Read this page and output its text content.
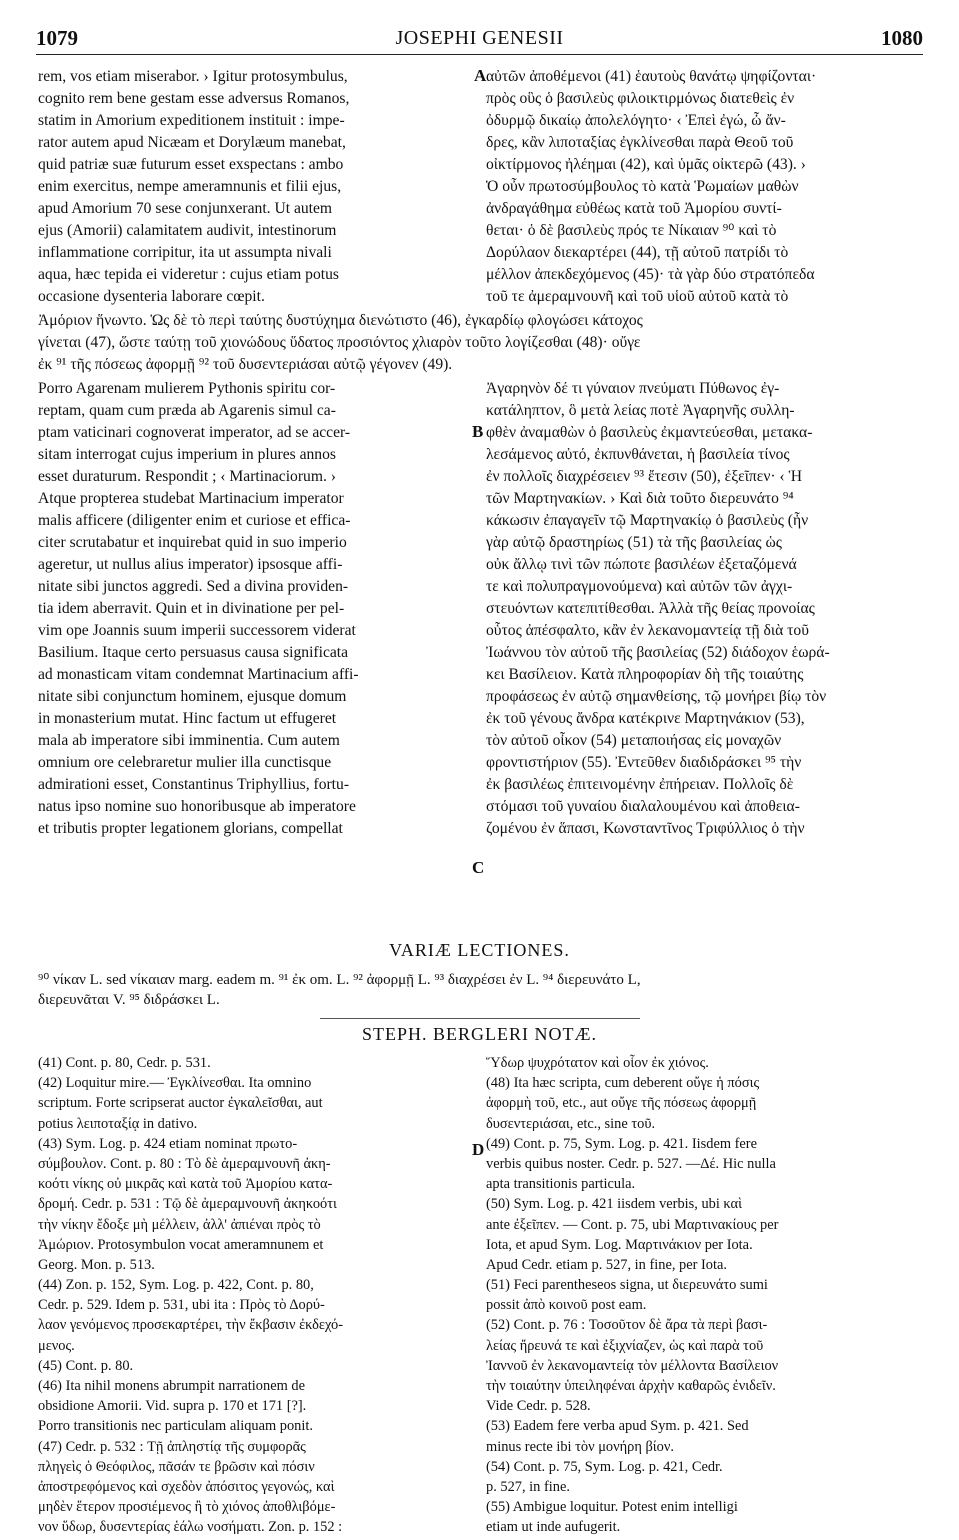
1079	JOSEPHI GENESII	1080
A
B
C
D
rem, vos etiam miserabor. › Igitur protosymbulus,
cognito rem bene gestam esse adversus Romanos,
statim in Amorium expeditionem instituit : impe-
rator autem apud Nicæam et Dorylæum manebat,
quid patriæ suæ futurum esset exspectans : ambo
enim exercitus, nempe ameramnunis et filii ejus,
apud Amorium 70 sese conjunxerant. Ut autem
ejus (Amorii) calamitatem audivit, intestinorum
inflammatione corripitur, ita ut assumpta nivali
aqua, hæc tepida ei videretur : cujus etiam potus
occasione dysenteria laborare cœpit.
αὐτῶν ἀποθέμενοι (41) ἑαυτοὺς θανάτῳ ψηφίζονται·
πρὸς οὓς ὁ βασιλεὺς φιλοικτιρμόνως διατεθεὶς ἐν
ὀδυρμῷ δικαίῳ ἀπολελόγητο· ‹ Ἐπεὶ ἐγώ, ὦ ἄν-
δρες, κἂν λιποταξίας ἐγκλίνεσθαι παρὰ Θεοῦ τοῦ
οἰκτίρμονος ἠλέημαι (42), καὶ ὑμᾶς οἰκτερῶ (43). ›
Ὁ οὖν πρωτοσύμβουλος τὸ κατὰ Ῥωμαίων μαθὼν
ἀνδραγάθημα εὐθέως κατὰ τοῦ Ἀμορίου συντί-
θεται· ὁ δὲ βασιλεὺς πρός τε Νίκαιαν ⁹⁰ καὶ τὸ
Δορύλαον διεκαρτέρει (44), τῇ αὐτοῦ πατρίδι τὸ
μέλλον ἀπεκδεχόμενος (45)· τὰ γὰρ δύο στρατόπεδα
τοῦ τε ἀμεραμνουνῆ καὶ τοῦ υἱοῦ αὐτοῦ κατὰ τὸ
Ἀμόριον ἥνωντο. Ὡς δὲ τὸ περὶ ταύτης δυστύχημα διενώτιστο (46), ἐγκαρδίῳ φλογώσει κάτοχος
γίνεται (47), ὥστε ταύτῃ τοῦ χιονώδους ὕδατος προσιόντος χλιαρὸν τοῦτο λογίζεσθαι (48)· οὔγε
ἐκ ⁹¹ τῆς πόσεως ἀφορμῇ ⁹² τοῦ δυσεντεριάσαι αὐτῷ γέγονεν (49).
Porro Agarenam mulierem Pythonis spiritu cor-
reptam, quam cum præda ab Agarenis simul ca-
ptam vaticinari cognoverat imperator, ad se accer-
sitam interrogat cujus imperium in plures annos
esset duraturum. Respondit ; ‹ Martinaciorum. ›
Atque propterea studebat Martinacium imperator
malis afficere (diligenter enim et curiose et effica-
citer scrutabatur et inquirebat quid in suo imperio
ageretur, ut nullus alius imperator) ipsosque affi-
nitate sibi junctos aggredi. Sed a divina providen-
tia idem aberravit. Quin et in divinatione per pel-
vim ope Joannis suum imperii successorem viderat
Basilium. Itaque certo persuasus causa significata
ad monasticam vitam condemnat Martinacium affi-
nitate sibi conjunctum hominem, ejusque domum
in monasterium mutat. Hinc factum ut effugeret
mala ab imperatore sibi imminentia. Cum autem
omnium ore celebraretur mulier illa cunctisque
admirationi esset, Constantinus Triphyllius, fortu-
natus ipso nomine suo honoribusque ab imperatore
et tributis propter legationem glorians, compellat
Ἀγαρηνὸν δέ τι γύναιον πνεύματι Πύθωνος ἐγ-
κατάληπτον, ὃ μετὰ λείας ποτὲ Ἀγαρηνῆς συλλη-
φθὲν ἀναμαθὼν ὁ βασιλεὺς ἐκμαντεύεσθαι, μετακα-
λεσάμενος αὐτό, ἐκπυνθάνεται, ἡ βασιλεία τίνος
ἐν πολλοῖς διαχρέσειεν ⁹³ ἔτεσιν (50), ἐξεῖπεν· ‹ Ἡ
τῶν Μαρτηνακίων. › Καὶ διὰ τοῦτο διερευνάτο ⁹⁴
κάκωσιν ἐπαγαγεῖν τῷ Μαρτηνακίῳ ὁ βασιλεὺς (ἦν
γὰρ αὐτῷ δραστηρίως (51) τὰ τῆς βασιλείας ὡς
οὐκ ἄλλῳ τινὶ τῶν πώποτε βασιλέων ἐξεταζόμενά
τε καὶ πολυπραγμονούμενα) καὶ αὐτῶν τῶν ἀγχι-
στευόντων κατεπιτίθεσθαι. Ἀλλὰ τῆς θείας προνοίας
οὗτος ἀπέσφαλτο, κἂν ἐν λεκανομαντείᾳ τῇ διὰ τοῦ
Ἰωάννου τὸν αὐτοῦ τῆς βασιλείας (52) διάδοχον ἑωρά-
κει Βασίλειον. Κατὰ πληροφορίαν δὴ τῆς τοιαύτης
προφάσεως ἐν αὐτῷ σημανθείσης, τῷ μονήρει βίῳ τὸν
ἐκ τοῦ γένους ἄνδρα κατέκρινε Μαρτηνάκιον (53),
τὸν αὐτοῦ οἶκον (54) μεταποιήσας εἰς μοναχῶν
φροντιστήριον (55). Ἐντεῦθεν διαδιδράσκει ⁹⁵ τὴν
ἐκ βασιλέως ἐπιτεινομένην ἐπήρειαν. Πολλοῖς δὲ
στόμασι τοῦ γυναίου διαλαλουμένου καὶ ἀποθεια-
ζομένου ἐν ἅπασι, Κωνσταντῖνος Τριφύλλιος ὁ τὴν
VARIÆ LECTIONES.
⁹⁰ νίκαν L. sed νίκαιαν marg. eadem m. ⁹¹ ἐκ om. L. ⁹² ἀφορμῇ L. ⁹³ διαχρέσει ἐν L. ⁹⁴ διερευνάτο L,
διερευνᾶται V. ⁹⁵ διδράσκει L.
STEPH. BERGLERI NOTÆ.
(41) Cont. p. 80, Cedr. p. 531.
(42) Loquitur mire.— Ἐγκλίνεσθαι. Ita omnino
scriptum. Forte scripserat auctor ἐγκαλεῖσθαι, aut
potius λειποταξίᾳ in dativo.
(43) Sym. Log. p. 424 etiam nominat πρωτο-
σύμβουλον. Cont. p. 80 : Τὸ δὲ ἀμεραμνουνῆ ἀκη-
κοότι νίκης οὐ μικρᾶς καὶ κατὰ τοῦ Ἀμορίου κατα-
δρομή. Cedr. p. 531 : Τῷ δὲ ἀμεραμνουνῆ ἀκηκοότι
τὴν νίκην ἔδοξε μὴ μέλλειν, ἀλλ' ἀπιέναι πρὸς τὸ
Ἀμώριον. Protosymbulon vocat ameramnunem et
Georg. Mon. p. 513.
(44) Zon. p. 152, Sym. Log. p. 422, Cont. p. 80,
Cedr. p. 529. Idem p. 531, ubi ita : Πρὸς τὸ Δορύ-
λαον γενόμενος προσεκαρτέρει, τὴν ἔκβασιν ἐκδεχό-
μενος.
(45) Cont. p. 80.
(46) Ita nihil monens abrumpit narrationem de
obsidione Amorii. Vid. supra p. 170 et 171 [?].
Porro transitionis nec particulam aliquam ponit.
(47) Cedr. p. 532 : Τῇ ἀπληστίᾳ τῆς συμφορᾶς
πληγεὶς ὁ Θεόφιλος, πᾶσάν τε βρῶσιν καὶ πόσιν
ἀποστρεφόμενος καὶ σχεδὸν ἀπόσιτος γεγονώς, καὶ
μηδὲν ἕτερον προσιέμενος ἢ τὸ χιόνος ἀποθλιβόμε-
νον ὕδωρ, δυσεντερίας ἑάλω νοσήματι. Zon. p. 152 :
Ὕδωρ ψυχρότατον καὶ οἷον ἐκ χιόνος.
(48) Ita hæc scripta, cum deberent οὔγε ἡ πόσις
ἀφορμὴ τοῦ, etc., aut οὔγε τῆς πόσεως ἀφορμῇ
δυσεντεριάσαι, etc., sine τοῦ.
(49) Cont. p. 75, Sym. Log. p. 421. Iisdem fere
verbis quibus noster. Cedr. p. 527. —Δέ. Hic nulla
apta transitionis particula.
(50) Sym. Log. p. 421 iisdem verbis, ubi καὶ
ante ἐξεῖπεν. — Cont. p. 75, ubi Μαρτινακίους per
Iota, et apud Sym. Log. Μαρτινάκιον per Iota.
Apud Cedr. etiam p. 527, in fine, per Iota.
(51) Feci parentheseos signa, ut διερευνάτο sumi
possit ἀπὸ κοινοῦ post eam.
(52) Cont. p. 76 : Τοσοῦτον δὲ ἄρα τὰ περὶ βασι-
λείας ἤρευνά τε καὶ ἐξιχνίαζεν, ὡς καὶ παρὰ τοῦ
Ἰαννοῦ ἐν λεκανομαντείᾳ τὸν μέλλοντα Βασίλειον
τὴν τοιαύτην ὑπειληφέναι ἀρχὴν καθαρῶς ἐνιδεῖν.
Vide Cedr. p. 528.
(53) Eadem fere verba apud Sym. p. 421. Sed
minus recte ibi τὸν μονήρη βίον.
(54) Cont. p. 75, Sym. Log. p. 421, Cedr.
p. 527, in fine.
(55) Ambigue loquitur. Potest enim intelligi
etiam ut inde aufugerit.
